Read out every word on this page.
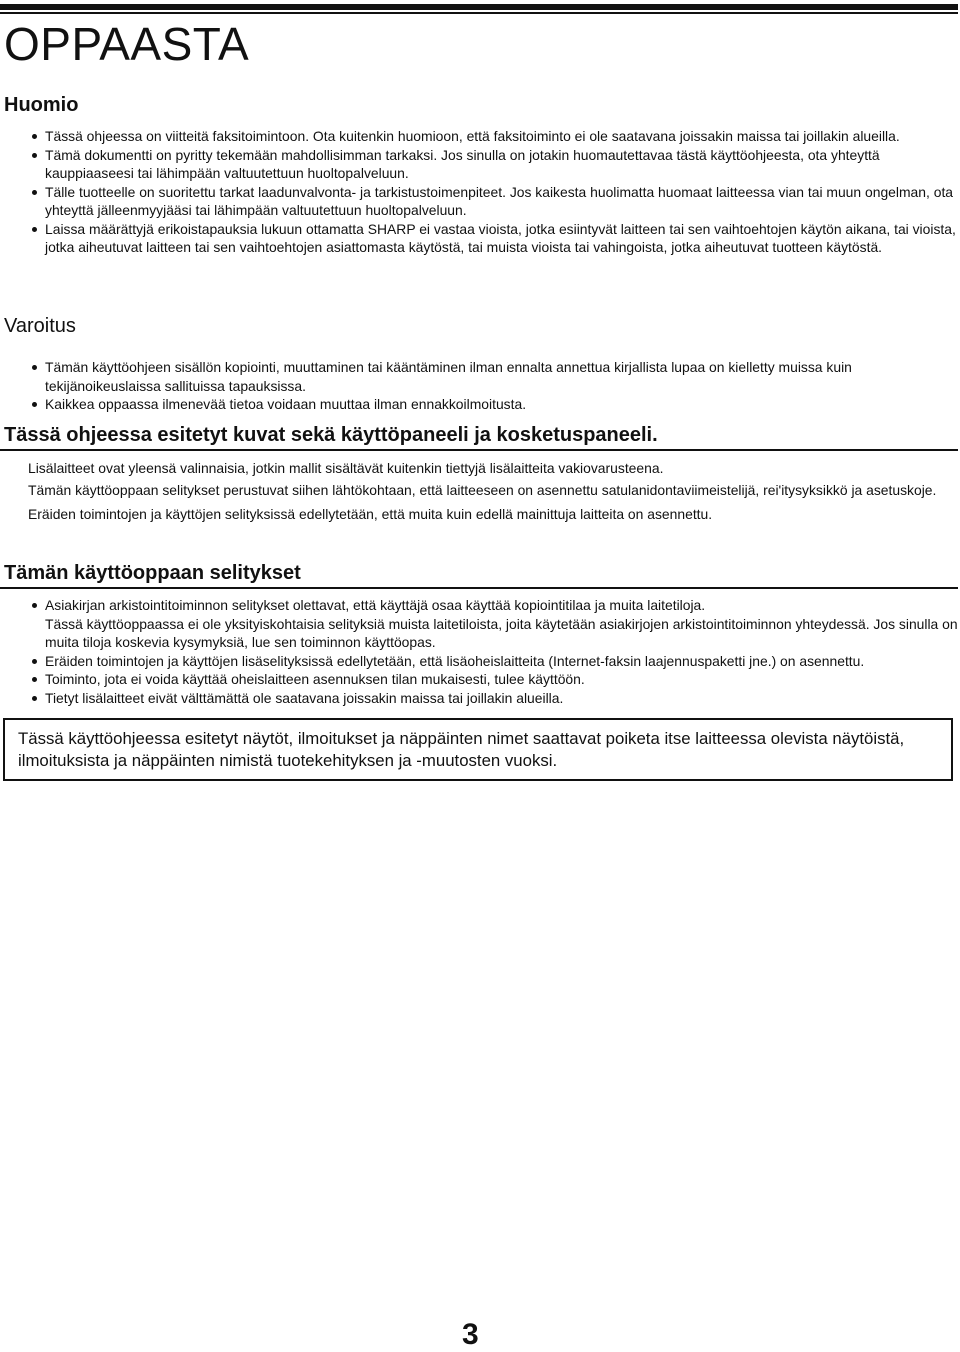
OPPAASTA
Huomio
Tässä ohjeessa on viitteitä faksitoimintoon. Ota kuitenkin huomioon, että faksitoiminto ei ole saatavana joissakin maissa tai joillakin alueilla.
Tämä dokumentti on pyritty tekemään mahdollisimman tarkaksi. Jos sinulla on jotakin huomautettavaa tästä käyttöohjeesta, ota yhteyttä kauppiaaseesi tai lähimpään valtuutettuun huoltopalveluun.
Tälle tuotteelle on suoritettu tarkat laadunvalvonta- ja tarkistustoimenpiteet. Jos kaikesta huolimatta huomaat laitteessa vian tai muun ongelman, ota yhteyttä jälleenmyyjääsi tai lähimpään valtuutettuun huoltopalveluun.
Laissa määrättyjä erikoistapauksia lukuun ottamatta SHARP ei vastaa vioista, jotka esiintyvät laitteen tai sen vaihtoehtojen käytön aikana, tai vioista, jotka aiheutuvat laitteen tai sen vaihtoehtojen asiattomasta käytöstä, tai muista vioista tai vahingoista, jotka aiheutuvat tuotteen käytöstä.
Varoitus
Tämän käyttöohjeen sisällön kopiointi, muuttaminen tai kääntäminen ilman ennalta annettua kirjallista lupaa on kielletty muissa kuin tekijänoikeuslaissa sallituissa tapauksissa.
Kaikkea oppaassa ilmenevää tietoa voidaan muuttaa ilman ennakkoilmoitusta.
Tässä ohjeessa esitetyt kuvat sekä käyttöpaneeli ja kosketuspaneeli.

Lisälaitteet ovat yleensä valinnaisia, jotkin mallit sisältävät kuitenkin tiettyjä lisälaitteita vakiovarusteena.

Tämän käyttöoppaan selitykset perustuvat siihen lähtökohtaan, että laitteeseen on asennettu satulanidontaviimeistelijä, rei'itysyksikkö ja asetuskoje.

Eräiden toimintojen ja käyttöjen selityksissä edellytetään, että muita kuin edellä mainittuja laitteita on asennettu.

Tämän käyttöoppaan selitykset
Asiakirjan arkistointitoiminnon selitykset olettavat, että käyttäjä osaa käyttää kopiointitilaa ja muita laitetiloja.
Tässä käyttöoppaassa ei ole yksityiskohtaisia selityksiä muista laitetiloista, joita käytetään asiakirjojen arkistointitoiminnon yhteydessä. Jos sinulla on muita tiloja koskevia kysymyksiä, lue sen toiminnon käyttöopas.
Eräiden toimintojen ja käyttöjen lisäselityksissä edellytetään, että lisäoheislaitteita (Internet-faksin laajennuspaketti jne.) on asennettu.
Toiminto, jota ei voida käyttää oheislaitteen asennuksen tilan mukaisesti, tulee käyttöön.
Tietyt lisälaitteet eivät välttämättä ole saatavana joissakin maissa tai joillakin alueilla.
Tässä käyttöohjeessa esitetyt näytöt, ilmoitukset ja näppäinten nimet saattavat poiketa itse laitteessa olevista näytöistä, ilmoituksista ja näppäinten nimistä tuotekehityksen ja -muutosten vuoksi.
3
